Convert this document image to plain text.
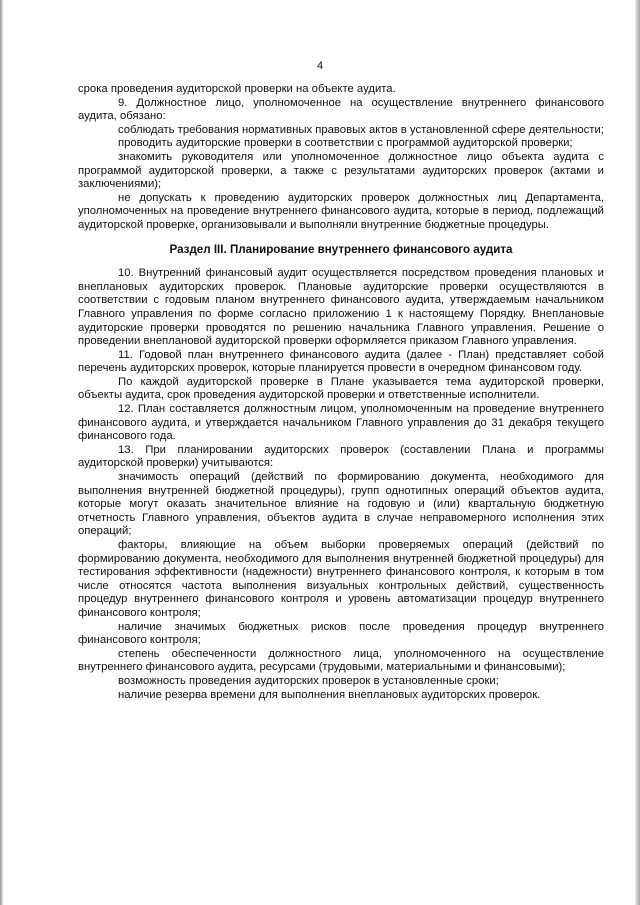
4

срока проведения аудиторской проверки на объекте аудита.

9. Должностное лицо, уполномоченное на осуществление внутреннего финансового аудита, обязано:

соблюдать требования нормативных правовых актов в установленной сфере деятельности;

проводить аудиторские проверки в соответствии с программой аудиторской проверки;

знакомить руководителя или уполномоченное должностное лицо объекта аудита с программой аудиторской проверки, а также с результатами аудиторских проверок (актами и заключениями);

не допускать к проведению аудиторских проверок должностных лиц Департамента, уполномоченных на проведение внутреннего финансового аудита, которые в период, подлежащий аудиторской проверке, организовывали и выполняли внутренние бюджетные процедуры.

Раздел III. Планирование внутреннего финансового аудита

10. Внутренний финансовый аудит осуществляется посредством проведения плановых и внеплановых аудиторских проверок. Плановые аудиторские проверки осуществляются в соответствии с годовым планом внутреннего финансового аудита, утверждаемым начальником Главного управления по форме согласно приложению 1 к настоящему Порядку. Внеплановые аудиторские проверки проводятся по решению начальника Главного управления. Решение о проведении внеплановой аудиторской проверки оформляется приказом Главного управления.

11. Годовой план внутреннего финансового аудита (далее - План) представляет собой перечень аудиторских проверок, которые планируется провести в очередном финансовом году.

По каждой аудиторской проверке в Плане указывается тема аудиторской проверки, объекты аудита, срок проведения аудиторской проверки и ответственные исполнители.

12. План составляется должностным лицом, уполномоченным на проведение внутреннего финансового аудита, и утверждается начальником Главного управления до 31 декабря текущего финансового года.

13. При планировании аудиторских проверок (составлении Плана и программы аудиторской проверки) учитываются:

значимость операций (действий по формированию документа, необходимого для выполнения внутренней бюджетной процедуры), групп однотипных операций объектов аудита, которые могут оказать значительное влияние на годовую и (или) квартальную бюджетную отчетность Главного управления, объектов аудита в случае неправомерного исполнения этих операций;

факторы, влияющие на объем выборки проверяемых операций (действий по формированию документа, необходимого для выполнения внутренней бюджетной процедуры) для тестирования эффективности (надежности) внутреннего финансового контроля, к которым в том числе относятся частота выполнения визуальных контрольных действий, существенность процедур внутреннего финансового контроля и уровень автоматизации процедур внутреннего финансового контроля;

наличие значимых бюджетных рисков после проведения процедур внутреннего финансового контроля;

степень обеспеченности должностного лица, уполномоченного на осуществление внутреннего финансового аудита, ресурсами (трудовыми, материальными и финансовыми);

возможность проведения аудиторских проверок в установленные сроки;

наличие резерва времени для выполнения внеплановых аудиторских проверок.
